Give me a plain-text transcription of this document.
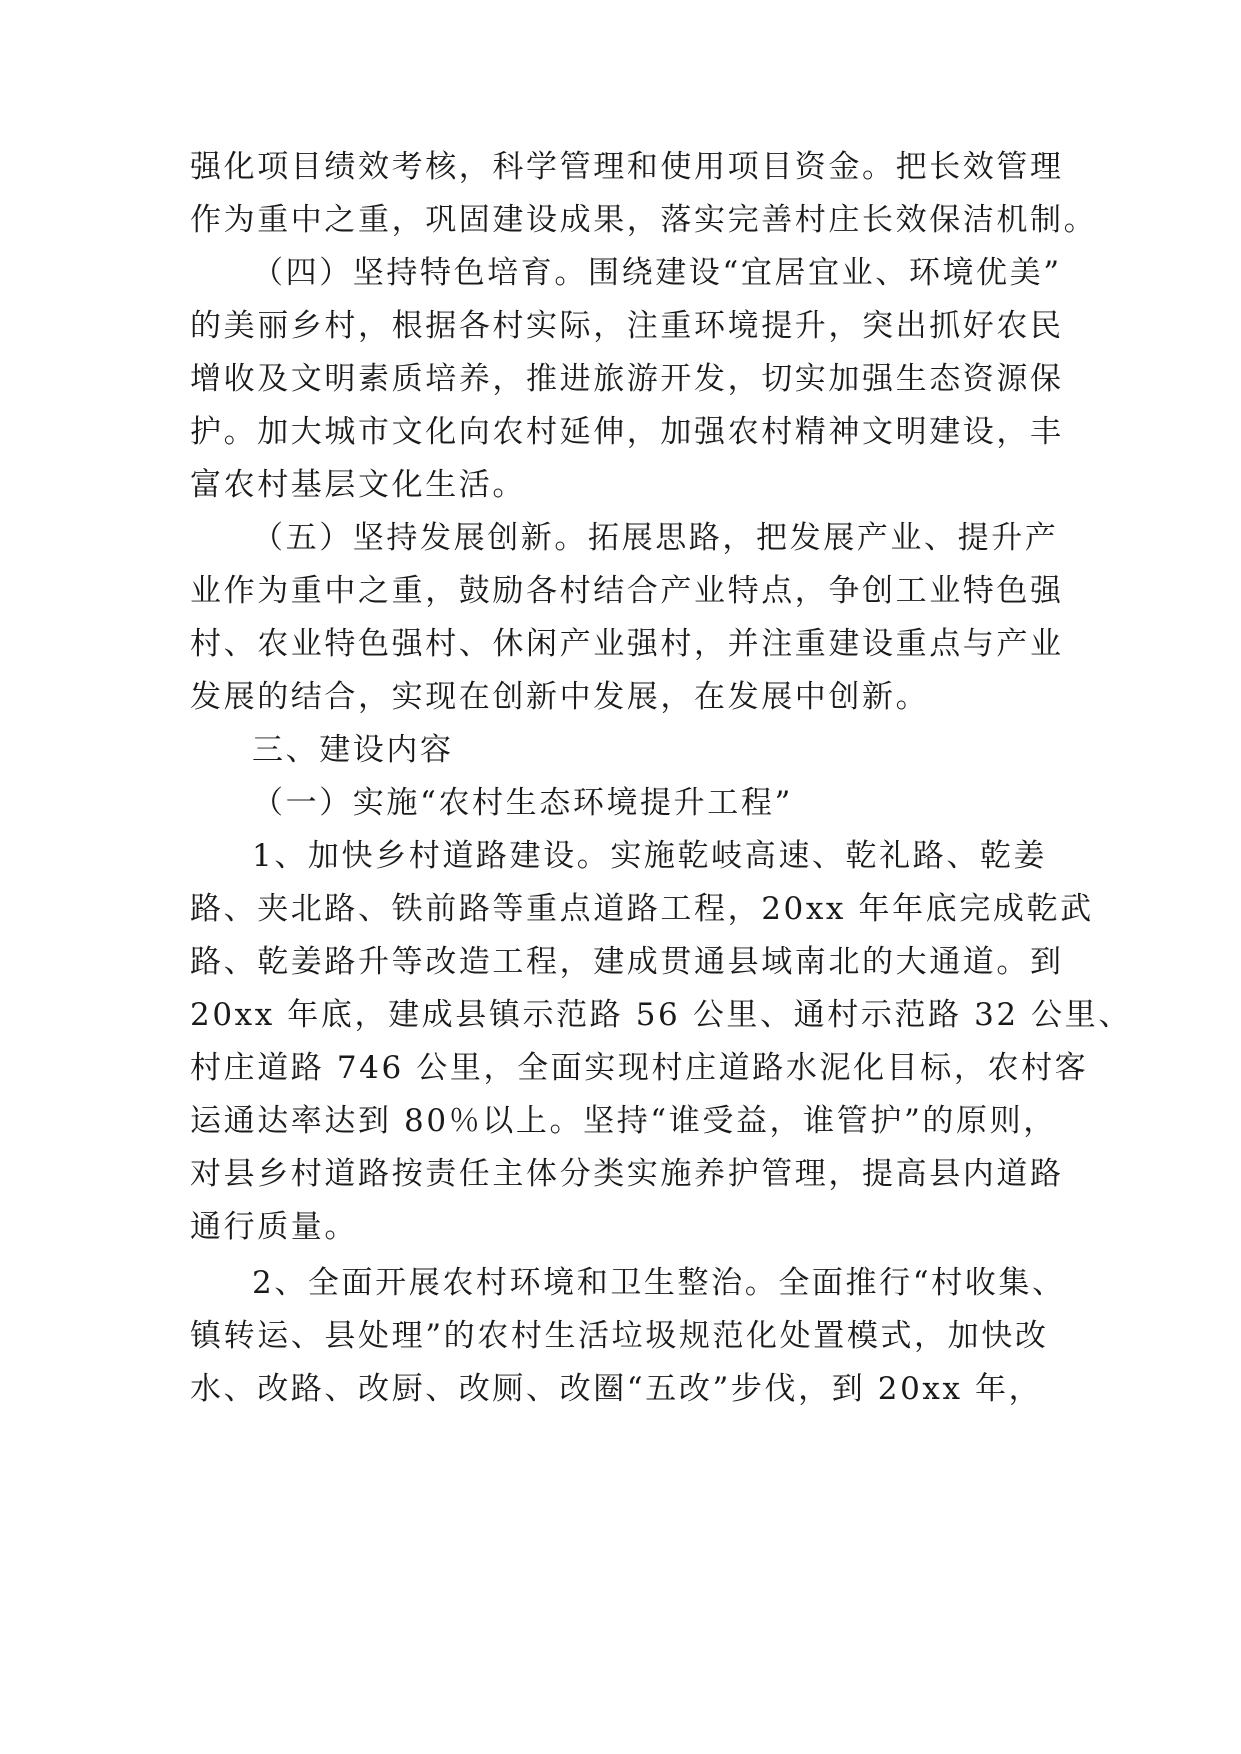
强化项目绩效考核，科学管理和使用项目资金。把长效管理
作为重中之重，巩固建设成果，落实完善村庄长效保洁机制。
（四）坚持特色培育。围绕建设“宜居宜业、环境优美”
的美丽乡村，根据各村实际，注重环境提升，突出抓好农民
增收及文明素质培养，推进旅游开发，切实加强生态资源保
护。加大城市文化向农村延伸，加强农村精神文明建设，丰
富农村基层文化生活。
（五）坚持发展创新。拓展思路，把发展产业、提升产
业作为重中之重，鼓励各村结合产业特点，争创工业特色强
村、农业特色强村、休闲产业强村，并注重建设重点与产业
发展的结合，实现在创新中发展，在发展中创新。
三、建设内容
（一）实施“农村生态环境提升工程”
1、加快乡村道路建设。实施乾岐高速、乾礼路、乾姜
路、夹北路、铁前路等重点道路工程，20xx 年年底完成乾武
路、乾姜路升等改造工程，建成贯通县域南北的大通道。到
20xx 年底，建成县镇示范路 56 公里、通村示范路 32 公里、
村庄道路 746 公里，全面实现村庄道路水泥化目标，农村客
运通达率达到 80％以上。坚持“谁受益，谁管护”的原则，
对县乡村道路按责任主体分类实施养护管理，提高县内道路
通行质量。
2、全面开展农村环境和卫生整治。全面推行“村收集、
镇转运、县处理”的农村生活垃圾规范化处置模式，加快改
水、改路、改厨、改厕、改圈“五改”步伐，到 20xx 年，
